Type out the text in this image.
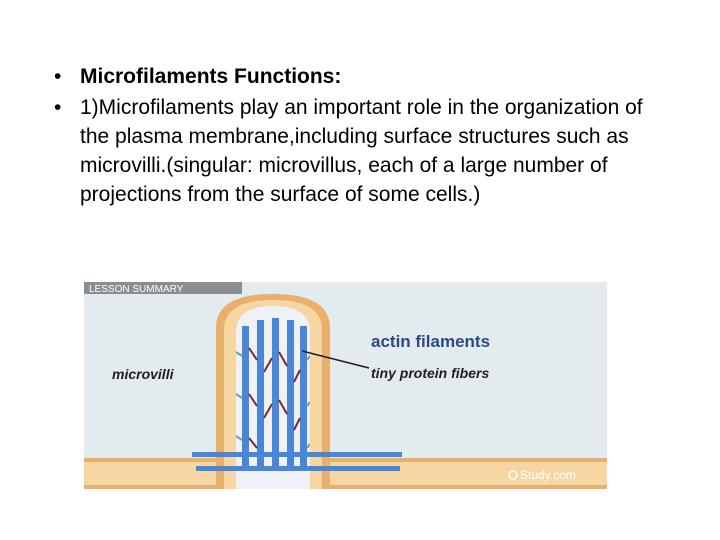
• Microfilaments Functions:
• 1)Microfilaments play an important role in the organization of the plasma membrane,including surface structures such as microvilli.(singular: microvillus, each of a large number of projections from the surface of some cells.)
LESSON SUMMARY
microvilli
actin filaments
tiny protein fibers
Study.com
